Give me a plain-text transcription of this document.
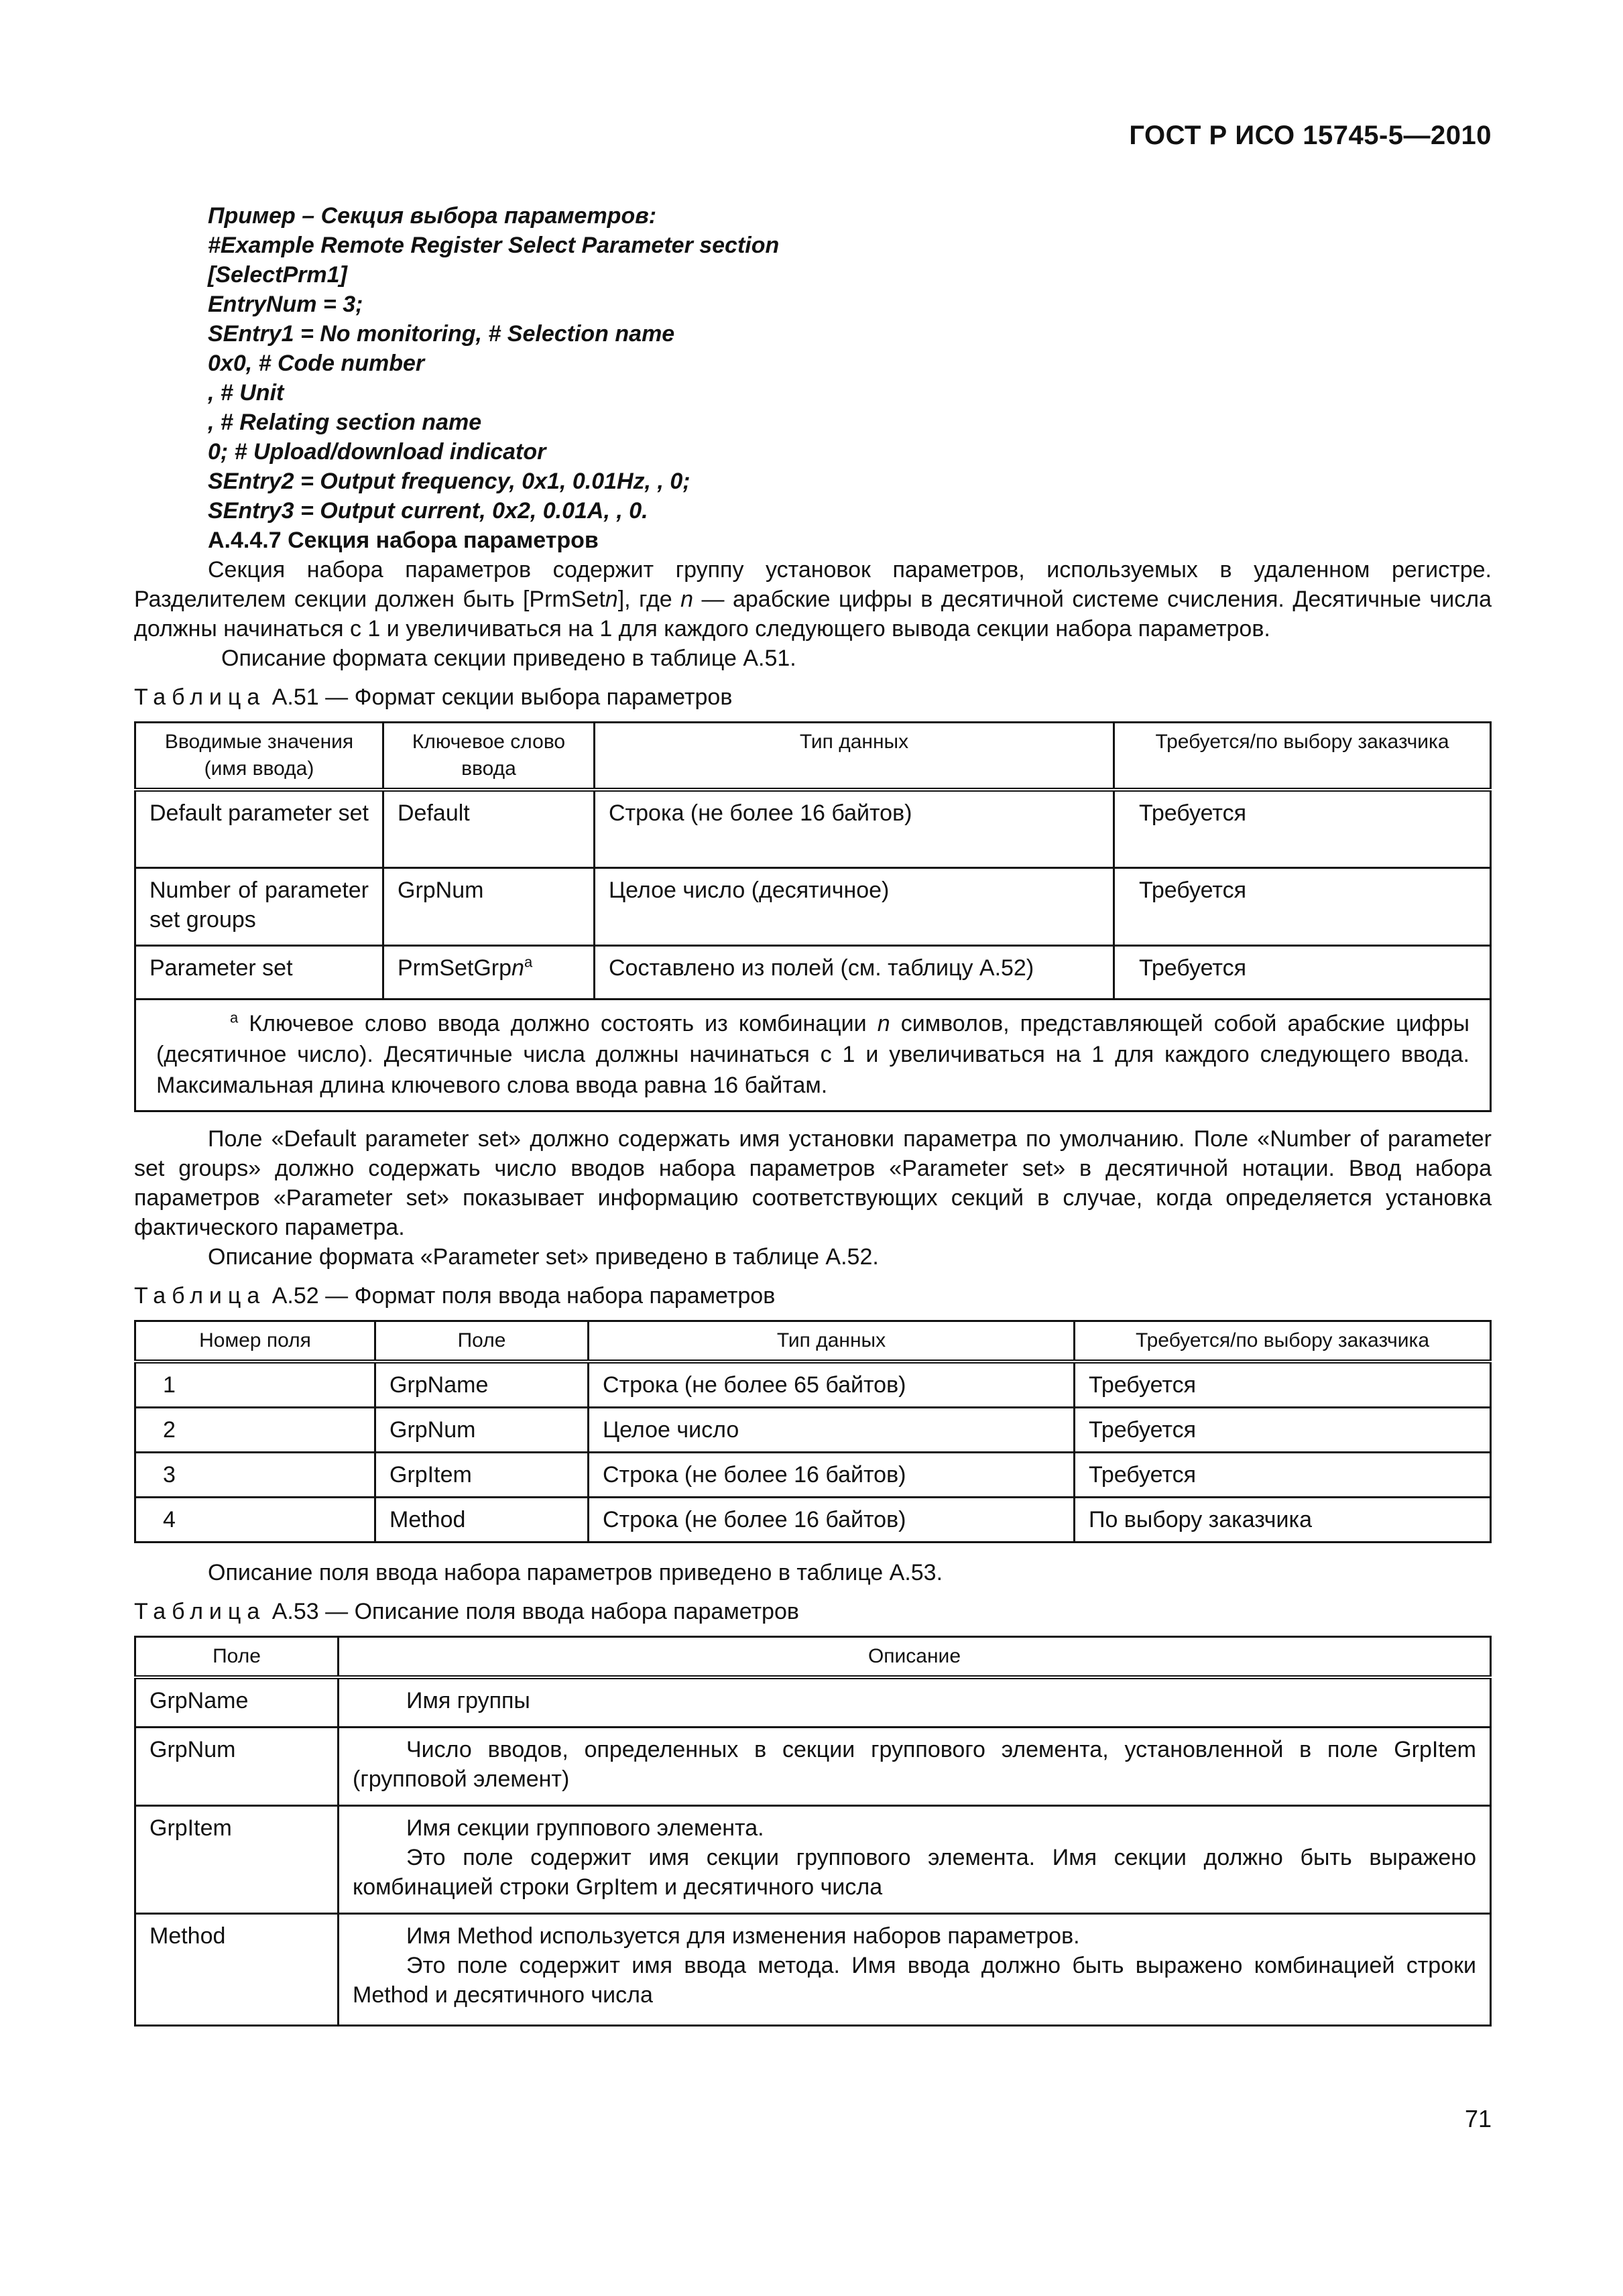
ГОСТ Р ИСО 15745-5—2010
Пример – Секция выбора параметров:
#Example Remote Register Select Parameter section
[SelectPrm1]
EntryNum = 3;
SEntry1 = No monitoring, # Selection name
0x0, # Code number
, # Unit
, # Relating section name
0; # Upload/download indicator
SEntry2 = Output frequency, 0x1, 0.01Hz, , 0;
SEntry3 = Output current, 0x2, 0.01A, , 0.
A.4.4.7 Секция набора параметров

Секция набора параметров содержит группу установок параметров, используемых в удаленном регистре. Разделителем секции должен быть [PrmSetn], где n — арабские цифры в десятичной системе счисления. Десятичные числа должны начинаться с 1 и увеличиваться на 1 для каждого следующего вывода секции набора параметров.

Описание формата секции приведено в таблице А.51.

Таблица А.51 — Формат секции выбора параметров
Вводимые значения (имя ввода)	Ключевое слово ввода	Тип данных	Требуется/по выбору заказчика
Default parameter set	Default	Строка (не более 16 байтов)	Требуется
Number of parameter set groups	GrpNum	Целое число (десятичное)	Требуется
Parameter set	PrmSetGrpn$^a$	Составлено из полей (см. таблицу А.52)	Требуется
$^a$ Ключевое слово ввода должно состоять из комбинации n символов, представляющей собой арабские цифры (десятичное число). Десятичные числа должны начинаться с 1 и увеличиваться на 1 для каждого следующего ввода. Максимальная длина ключевого слова ввода равна 16 байтам.			

Поле «Default parameter set» должно содержать имя установки параметра по умолчанию. Поле «Number of parameter set groups» должно содержать число вводов набора параметров «Parameter set» в десятичной нотации. Ввод набора параметров «Parameter set» показывает информацию соответствующих секций в случае, когда определяется установка фактического параметра.

Описание формата «Parameter set» приведено в таблице А.52.

Таблица А.52 — Формат поля ввода набора параметров
Номер поля	Поле	Тип данных	Требуется/по выбору заказчика
1	GrpName	Строка (не более 65 байтов)	Требуется
2	GrpNum	Целое число	Требуется
3	GrpItem	Строка (не более 16 байтов)	Требуется
4	Method	Строка (не более 16 байтов)	По выбору заказчика

Описание поля ввода набора параметров приведено в таблице А.53.

Таблица А.53 — Описание поля ввода набора параметров
Поле	Описание
GrpName	Имя группы

GrpNum	Число вводов, определенных в секции группового элемента, установленной в поле GrpItem (групповой элемент)

GrpItem	Имя секции группового элемента.
Это поле содержит имя секции группового элемента. Имя секции должно быть выражено комбинацией строки GrpItem и десятичного числа

Method	Имя Method используется для изменения наборов параметров.
Это поле содержит имя ввода метода. Имя ввода должно быть выражено комбинацией строки Method и десятичного числа
71
